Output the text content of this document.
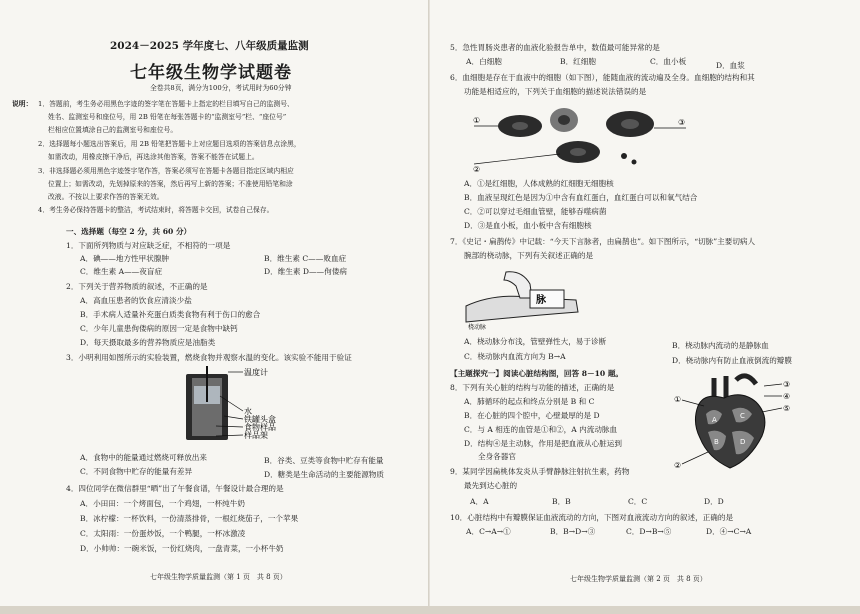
2024－2025 学年度七、八年级质量监测
七年级生物学试题卷
全卷共8页，满分为100分，考试用时为60分钟
说明： 1．答题前，考生务必用黑色字迹的签字笔在答题卡上指定的栏目填写自己的监测号、
姓名、监测室号和座位号，用 2B 铅笔在每张答题卡的“监测室号”栏、“座位号”
栏相应位置填涂自己的监测室号和座位号。
2．选择题每小题选出答案后，用 2B 铅笔把答题卡上对应题目选项的答案信息点涂黑，
如需改动，用橡皮擦干净后，再选涂其他答案，答案不能答在试题上。
3．非选择题必须用黑色字迹签字笔作答，答案必须写在答题卡各题目指定区域内相应
位置上；如需改动，先划掉原来的答案，然后再写上新的答案；不准使用铅笔和涂
改液。不按以上要求作答的答案无效。
4．考生务必保持答题卡的整洁，考试结束时，将答题卡交回，试卷自己保存。
一、选择题（每空 2 分，共 60 分）
1．下面所列物质与对应缺乏症，不相符的一项是
A．碘——地方性甲状腺肿	B．维生素 C——败血症
C．维生素 A——夜盲症	D．维生素 D——佝偻病
2．下列关于营养物质的叙述，不正确的是
A．高血压患者的饮食应清淡少盐
B．手术病人适量补充蛋白质类食物有利于伤口的愈合
C．少年儿童患佝偻病的原因一定是食物中缺钙
D．每天摄取最多的营养物质应是油脂类
3．小明利用如图所示的实验装置，燃烧食物并观察水温的变化。该实验不能用于验证
温度计
水
铁罐头盒
食物样品
样品架
A．食物中的能量通过燃烧可释放出来	B．谷类、豆类等食物中贮存有能量
C．不同食物中贮存的能量有差异	D．糖类是生命活动的主要能源物质
4．四位同学在微信群里“晒”出了午餐食谱，午餐设计最合理的是
A．小田田：一个烤面包，一个鸡翅，一杯纯牛奶
B．冰柠檬：一杯饮料，一份清蒸排骨，一根红烧茄子，一个苹果
C．太阳雨：一份蛋炒饭，一个鸭腿，一杯冰激凌
D．小帅帅：一碗米饭，一份红烧肉，一盘青菜，一小杯牛奶
七年级生物学质量监测（第 1 页　共 8 页）
5．急性胃肠炎患者的血液化验报告单中，数值最可能异常的是
A．白细胞	B．红细胞	C．血小板	D．血浆
6．血细胞是存在于血液中的细胞（如下图），能随血液的流动遍及全身。血细胞的结构和其
功能是相适应的，下列关于血细胞的描述说法错误的是
①
②
③
A．①是红细胞，人体成熟的红细胞无细胞核
B．血液呈现红色是因为①中含有血红蛋白，血红蛋白可以和氧气结合
C．②可以穿过毛细血管壁，能够吞噬病菌
D．③是血小板，血小板中含有细胞核
7．《史记・扁鹊传》中记载：“今天下言脉者，由扁鹊也”。如下图所示，“切脉”主要切病人
腕部的桡动脉，下列有关叙述正确的是
脉
桡动脉
A．桡动脉分布浅，管壁弹性大，易于诊断	B．桡动脉内流动的是静脉血
C．桡动脉内血流方向为 B→A	D．桡动脉内有防止血液倒流的瓣膜
【主题探究一】阅读心脏结构图，回答 8－10 题。
8．下列有关心脏的结构与功能的描述，正确的是
A．肺循环的起点和终点分别是 B 和 C
B．在心脏的四个腔中，心壁最厚的是 D
C．与 A 相连的血管是①和②，A 内流动脉血
D．结构④是主动脉，作用是把血液从心脏运到
全身各器官
A
B
C
D
①
②
③
④
⑤
9．某同学因扁桃体发炎从手臂静脉注射抗生素，药物
最先到达心脏的
A．A	B．B	C．C	D．D
10．心脏结构中有瓣膜保证血液流动的方向，下图对血液流动方向的叙述，正确的是
A．C→A→①	B．B→D→③	C．D→B→⑤	D．④→C→A
七年级生物学质量监测（第 2 页　共 8 页）
